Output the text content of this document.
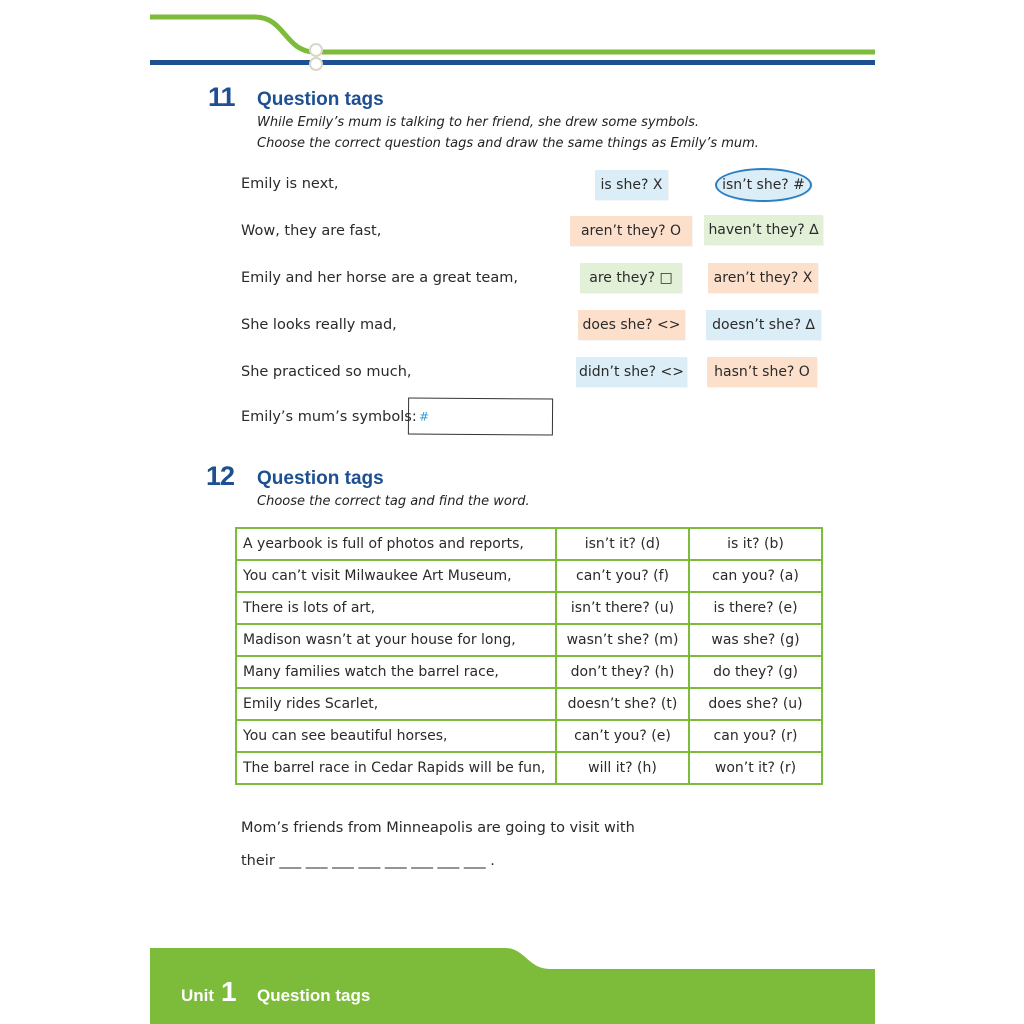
11 Question tags
While Emily’s mum is talking to her friend, she drew some symbols.
Choose the correct question tags and draw the same things as Emily’s mum.
Emily is next,	is she? X	isn’t she? #
Wow, they are fast,	aren’t they? O	haven’t they? ∆
Emily and her horse are a great team,	are they? □	aren’t they? X
She looks really mad,	does she? <>	doesn’t she? ∆
She practiced so much,	didn’t she? <>	hasn’t she? O
Emily’s mum’s symbols: #
12 Question tags
Choose the correct tag and find the word.
A yearbook is full of photos and reports,	isn’t it? (d)	is it? (b)
You can’t visit Milwaukee Art Museum,	can’t you? (f)	can you? (a)
There is lots of art,	isn’t there? (u)	is there? (e)
Madison wasn’t at your house for long,	wasn’t she? (m)	was she? (g)
Many families watch the barrel race,	don’t they? (h)	do they? (g)
Emily rides Scarlet,	doesn’t she? (t)	does she? (u)
You can see beautiful horses,	can’t you? (e)	can you? (r)
The barrel race in Cedar Rapids will be fun,	will it? (h)	won’t it? (r)
Mom’s friends from Minneapolis are going to visit with
their ___ ___ ___ ___ ___ ___ ___ ___ .
Unit 1 Question tags
